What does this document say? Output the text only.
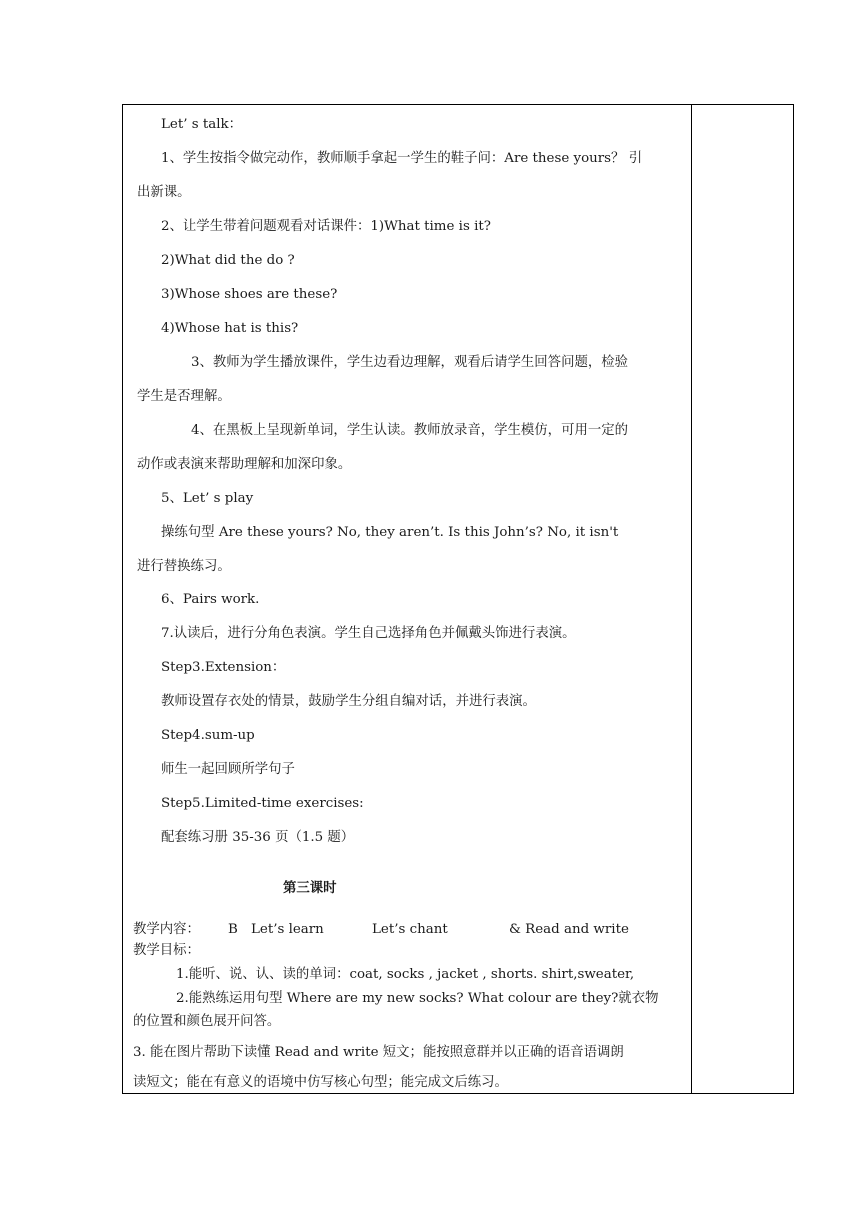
Let’ s talk：
1、学生按指令做完动作，教师顺手拿起一学生的鞋子问：Are these yours？ 引
出新课。
2、让学生带着问题观看对话课件：1)What time is it?
2)What did the do ?
3)Whose shoes are these?
4)Whose hat is this?
3、教师为学生播放课件，学生边看边理解，观看后请学生回答问题，检验
学生是否理解。
4、在黑板上呈现新单词，学生认读。教师放录音，学生模仿，可用一定的
动作或表演来帮助理解和加深印象。
5、Let’ s play
操练句型 Are these yours? No, they aren’t. Is this John’s? No, it isn't
进行替换练习。
6、Pairs work.
7.认读后，进行分角色表演。学生自己选择角色并佩戴头饰进行表演。
Step3.Extension：
教师设置存衣处的情景，鼓励学生分组自编对话，并进行表演。
Step4.sum-up
师生一起回顾所学句子
Step5.Limited-time exercises:
配套练习册 35-36 页（1.5 题）
第三课时
教学内容： B Let’s learn	Let’s chant	& Read and write
教学目标：
1.能听、说、认、读的单词：coat, socks , jacket , shorts. shirt,sweater,
2.能熟练运用句型 Where are my new socks? What colour are they?就衣物
的位置和颜色展开问答。
3. 能在图片帮助下读懂 Read and write 短文；能按照意群并以正确的语音语调朗
读短文；能在有意义的语境中仿写核心句型；能完成文后练习。
